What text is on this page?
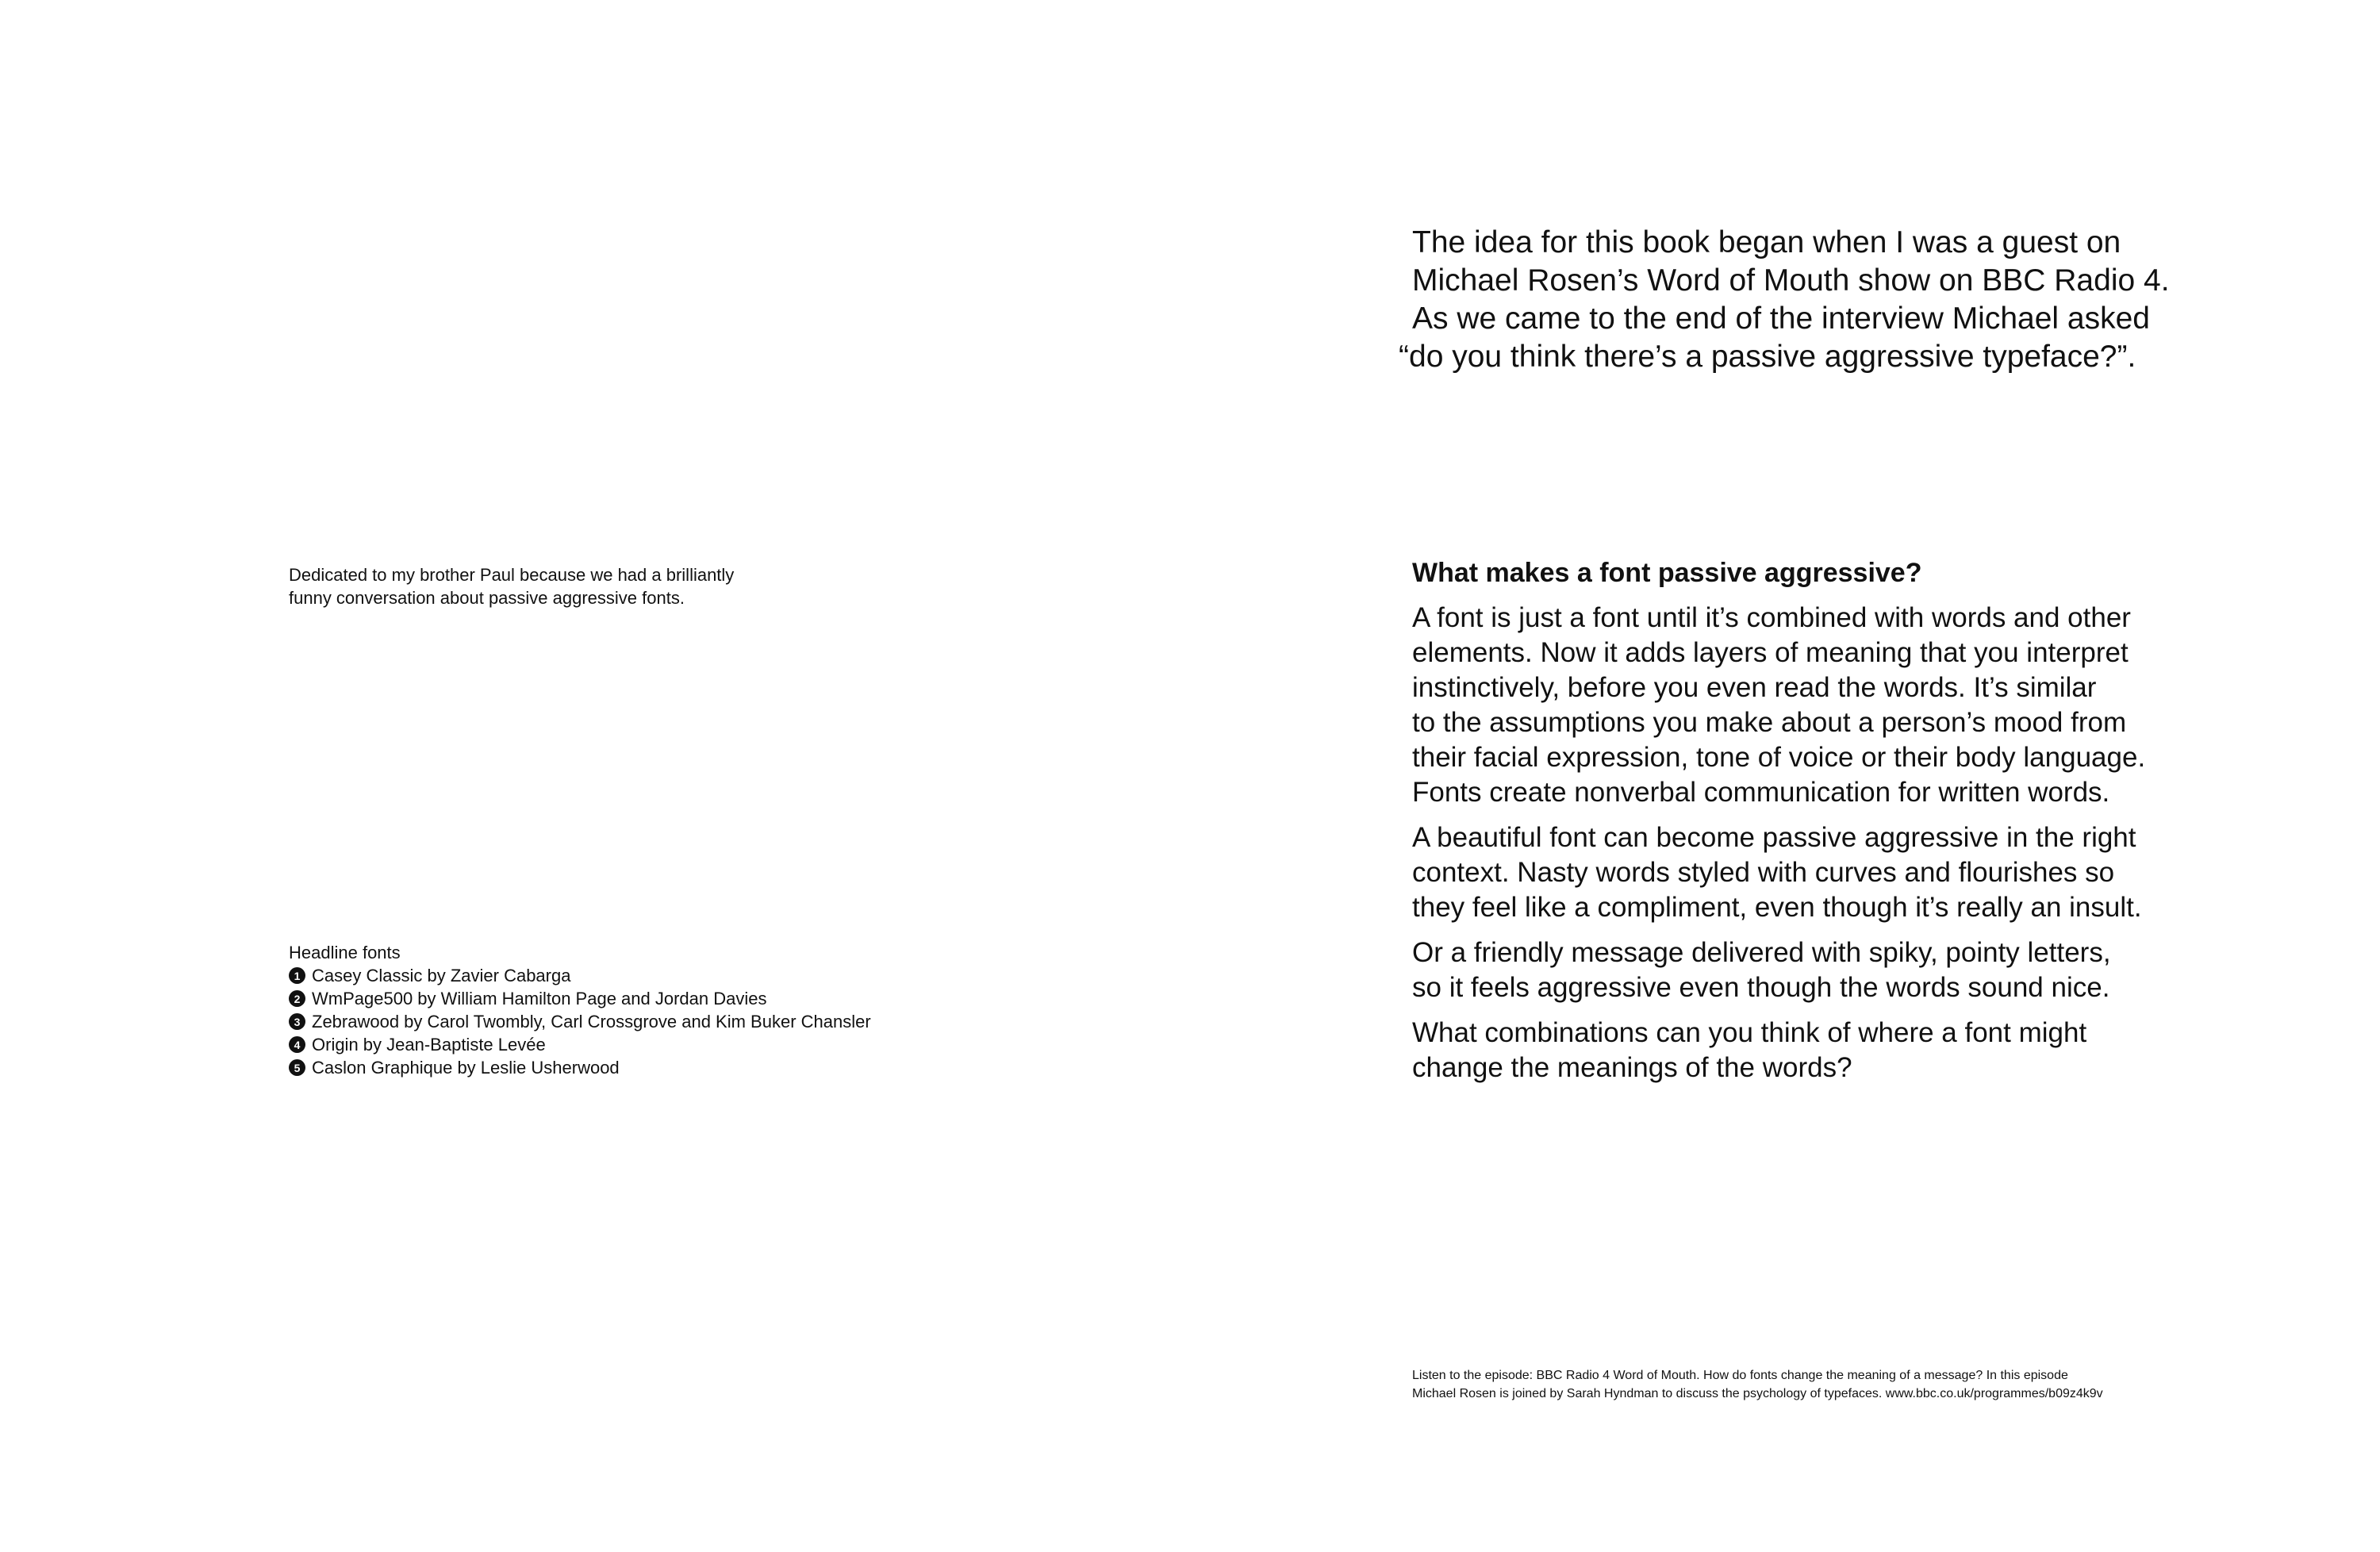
Dedicated to my brother Paul because we had a brilliantly

funny conversation about passive aggressive fonts.

Headline fonts

1 Casey Classic by Zavier Cabarga
2 WmPage500 by William Hamilton Page and Jordan Davies
3 Zebrawood by Carol Twombly, Carl Crossgrove and Kim Buker Chansler
4 Origin by Jean-Baptiste Levée
5 Caslon Graphique by Leslie Usherwood

The idea for this book began when I was a guest on

Michael Rosen’s Word of Mouth show on BBC Radio 4.

As we came to the end of the interview Michael asked

“do you think there’s a passive aggressive typeface?”.

What makes a font passive aggressive?

A font is just a font until it’s combined with words and other
elements. Now it adds layers of meaning that you interpret
instinctively, before you even read the words. It’s similar
to the assumptions you make about a person’s mood from
their facial expression, tone of voice or their body language.
Fonts create nonverbal communication for written words.

A beautiful font can become passive aggressive in the right
context. Nasty words styled with curves and flourishes so
they feel like a compliment, even though it’s really an insult.

Or a friendly message delivered with spiky, pointy letters,
so it feels aggressive even though the words sound nice.

What combinations can you think of where a font might
change the meanings of the words?

Listen to the episode: BBC Radio 4 Word of Mouth. How do fonts change the meaning of a message? In this episode

Michael Rosen is joined by Sarah Hyndman to discuss the psychology of typefaces. www.bbc.co.uk/programmes/b09z4k9v
